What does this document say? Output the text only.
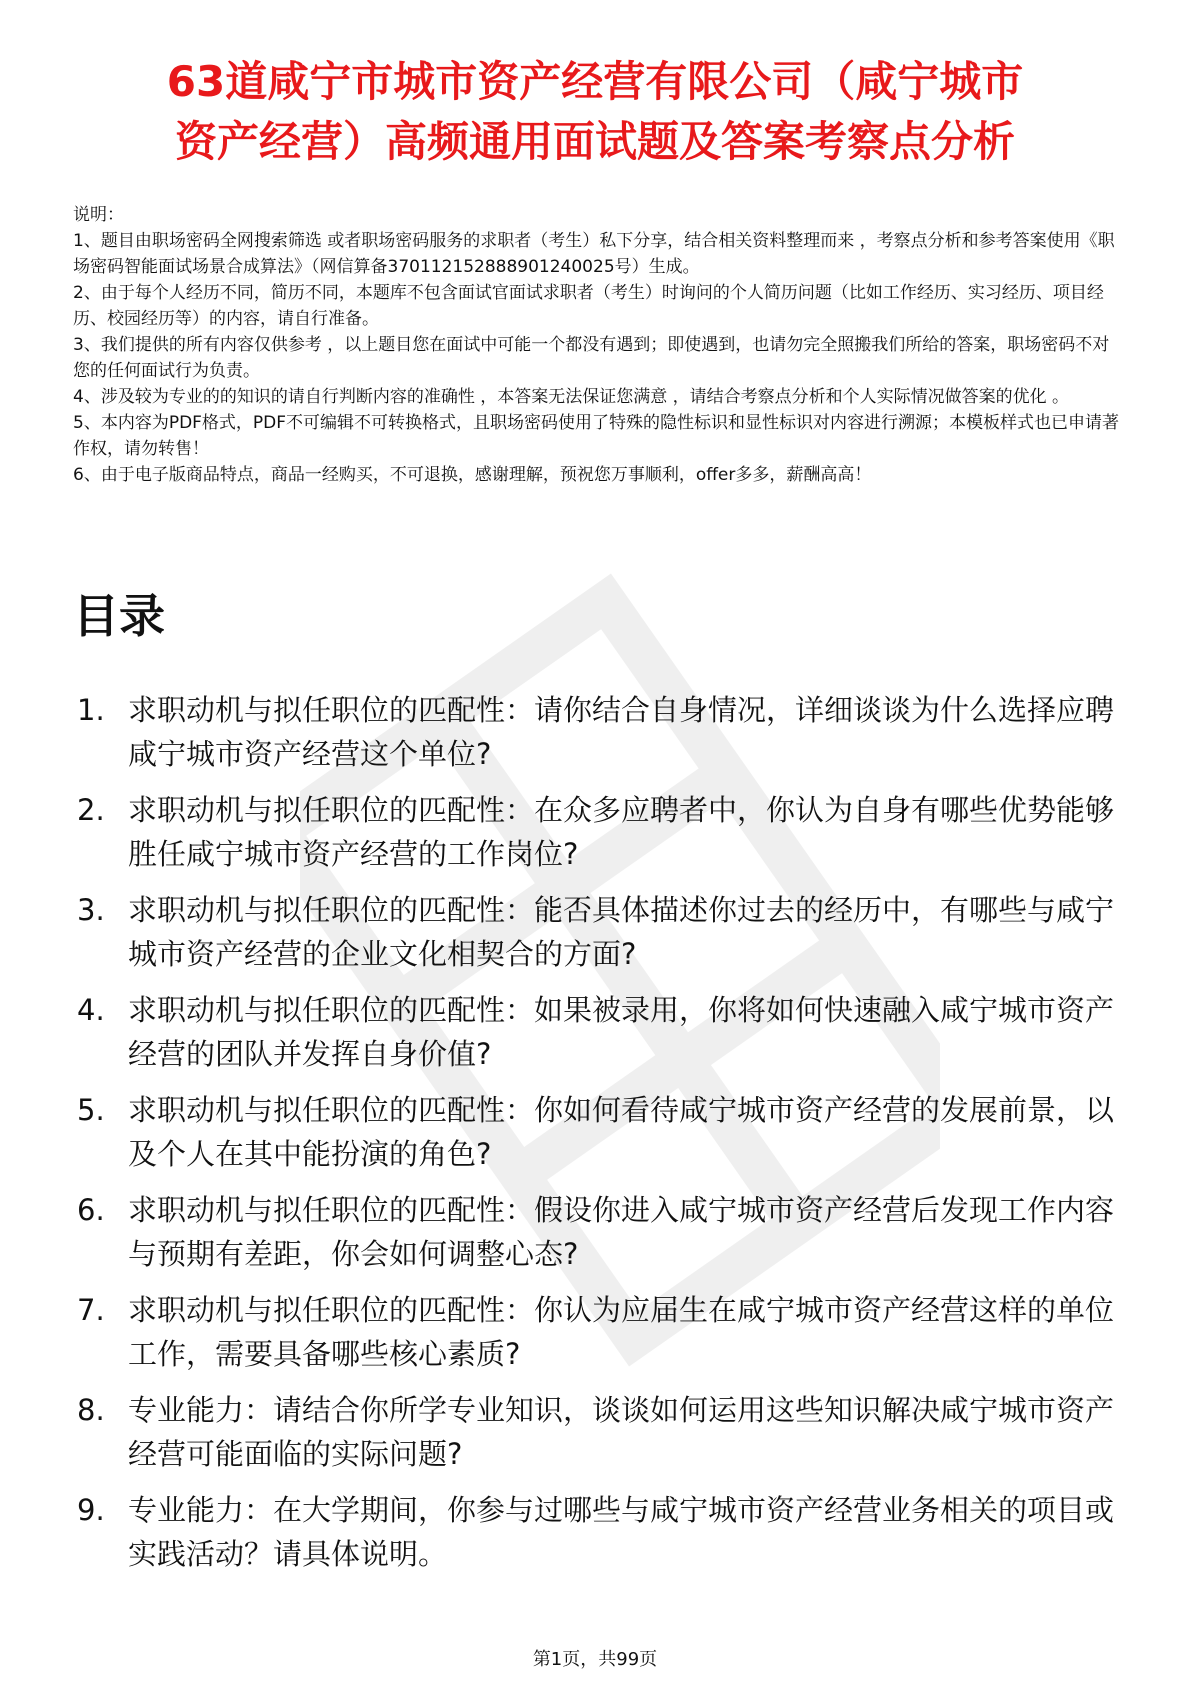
63道咸宁市城市资产经营有限公司（咸宁城市
资产经营）高频通用面试题及答案考察点分析
说明：
1、题目由职场密码全网搜索筛选 或者职场密码服务的求职者（考生）私下分享，结合相关资料整理而来 ，考察点分析和参考答案使用《职场密码智能面试场景合成算法》（网信算备370112152888901240025号）生成。
2、由于每个人经历不同，简历不同，本题库不包含面试官面试求职者（考生）时询问的个人简历问题（比如工作经历、实习经历、项目经历、校园经历等）的内容，请自行准备。
3、我们提供的所有内容仅供参考 ，以上题目您在面试中可能一个都没有遇到；即使遇到，也请勿完全照搬我们所给的答案，职场密码不对您的任何面试行为负责。
4、涉及较为专业的的知识的请自行判断内容的准确性 ，本答案无法保证您满意 ，请结合考察点分析和个人实际情况做答案的优化 。
5、本内容为PDF格式，PDF不可编辑不可转换格式，且职场密码使用了特殊的隐性标识和显性标识对内容进行溯源；本模板样式也已申请著作权，请勿转售！
6、由于电子版商品特点，商品一经购买，不可退换，感谢理解，预祝您万事顺利，offer多多，薪酬高高！
目录
1. 求职动机与拟任职位的匹配性：请你结合自身情况，详细谈谈为什么选择应聘咸宁城市资产经营这个单位?
2. 求职动机与拟任职位的匹配性：在众多应聘者中，你认为自身有哪些优势能够胜任咸宁城市资产经营的工作岗位?
3. 求职动机与拟任职位的匹配性：能否具体描述你过去的经历中，有哪些与咸宁城市资产经营的企业文化相契合的方面?
4. 求职动机与拟任职位的匹配性：如果被录用，你将如何快速融入咸宁城市资产经营的团队并发挥自身价值?
5. 求职动机与拟任职位的匹配性：你如何看待咸宁城市资产经营的发展前景，以及个人在其中能扮演的角色?
6. 求职动机与拟任职位的匹配性：假设你进入咸宁城市资产经营后发现工作内容与预期有差距，你会如何调整心态?
7. 求职动机与拟任职位的匹配性：你认为应届生在咸宁城市资产经营这样的单位工作，需要具备哪些核心素质?
8. 专业能力：请结合你所学专业知识，谈谈如何运用这些知识解决咸宁城市资产经营可能面临的实际问题?
9. 专业能力：在大学期间，你参与过哪些与咸宁城市资产经营业务相关的项目或实践活动？请具体说明。
第1页，共99页
